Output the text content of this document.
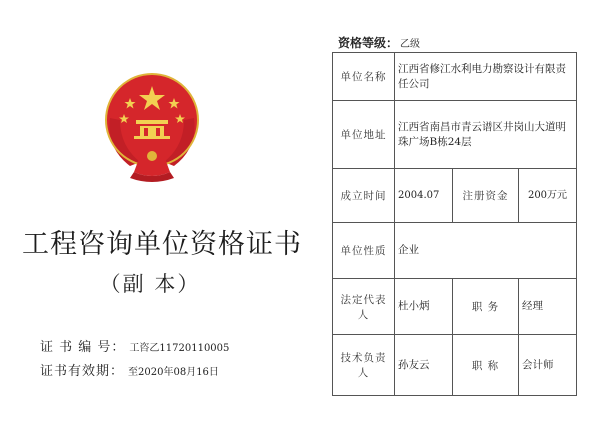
工程咨询单位资格证书
（副 本）
证 书 编 号： 工咨乙11720110005
证书有效期： 至2020年08月16日
资格等级： 乙级
单位名称	江西省修江水利电力勘察设计有限责任公司		
单位地址	江西省南昌市青云谱区井岗山大道明珠广场B栋24层		
成立时间	2004.07	注册资金	200万元
单位性质	企业		
法定代表人	杜小炳	职 务	经理
技术负责人	孙友云	职 称	会计师
